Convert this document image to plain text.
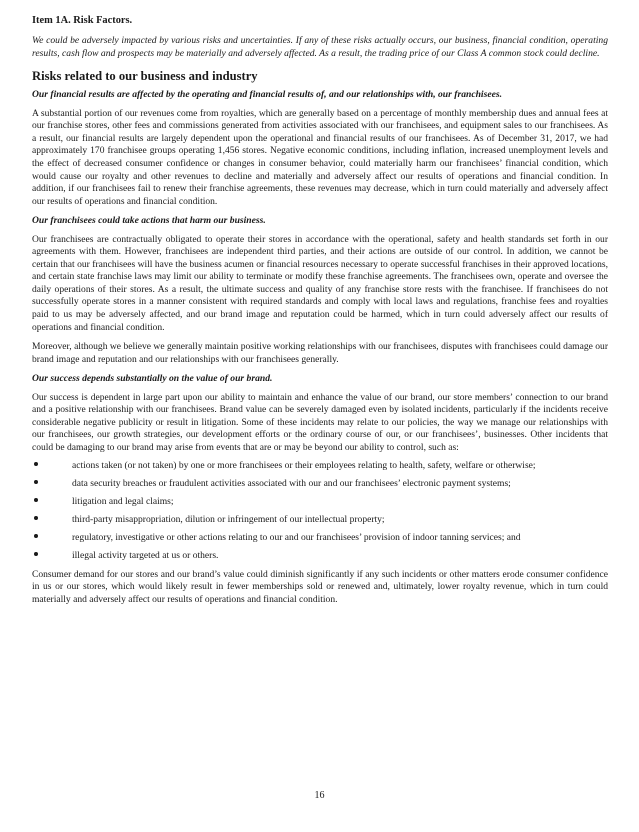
Item 1A. Risk Factors.

We could be adversely impacted by various risks and uncertainties. If any of these risks actually occurs, our business, financial condition, operating results, cash flow and prospects may be materially and adversely affected. As a result, the trading price of our Class A common stock could decline.

Risks related to our business and industry
Our financial results are affected by the operating and financial results of, and our relationships with, our franchisees.

A substantial portion of our revenues come from royalties, which are generally based on a percentage of monthly membership dues and annual fees at our franchise stores, other fees and commissions generated from activities associated with our franchisees, and equipment sales to our franchisees. As a result, our financial results are largely dependent upon the operational and financial results of our franchisees. As of December 31, 2017, we had approximately 170 franchisee groups operating 1,456 stores. Negative economic conditions, including inflation, increased unemployment levels and the effect of decreased consumer confidence or changes in consumer behavior, could materially harm our franchisees’ financial condition, which would cause our royalty and other revenues to decline and materially and adversely affect our results of operations and financial condition. In addition, if our franchisees fail to renew their franchise agreements, these revenues may decrease, which in turn could materially and adversely affect our results of operations and financial condition.

Our franchisees could take actions that harm our business.

Our franchisees are contractually obligated to operate their stores in accordance with the operational, safety and health standards set forth in our agreements with them. However, franchisees are independent third parties, and their actions are outside of our control. In addition, we cannot be certain that our franchisees will have the business acumen or financial resources necessary to operate successful franchises in their approved locations, and certain state franchise laws may limit our ability to terminate or modify these franchise agreements. The franchisees own, operate and oversee the daily operations of their stores. As a result, the ultimate success and quality of any franchise store rests with the franchisee. If franchisees do not successfully operate stores in a manner consistent with required standards and comply with local laws and regulations, franchise fees and royalties paid to us may be adversely affected, and our brand image and reputation could be harmed, which in turn could adversely affect our results of operations and financial condition.

Moreover, although we believe we generally maintain positive working relationships with our franchisees, disputes with franchisees could damage our brand image and reputation and our relationships with our franchisees generally.

Our success depends substantially on the value of our brand.

Our success is dependent in large part upon our ability to maintain and enhance the value of our brand, our store members’ connection to our brand and a positive relationship with our franchisees. Brand value can be severely damaged even by isolated incidents, particularly if the incidents receive considerable negative publicity or result in litigation. Some of these incidents may relate to our policies, the way we manage our relationships with our franchisees, our growth strategies, our development efforts or the ordinary course of our, or our franchisees’, businesses. Other incidents that could be damaging to our brand may arise from events that are or may be beyond our ability to control, such as:

actions taken (or not taken) by one or more franchisees or their employees relating to health, safety, welfare or otherwise;
data security breaches or fraudulent activities associated with our and our franchisees’ electronic payment systems;
litigation and legal claims;
third-party misappropriation, dilution or infringement of our intellectual property;
regulatory, investigative or other actions relating to our and our franchisees’ provision of indoor tanning services; and
illegal activity targeted at us or others.

Consumer demand for our stores and our brand’s value could diminish significantly if any such incidents or other matters erode consumer confidence in us or our stores, which would likely result in fewer memberships sold or renewed and, ultimately, lower royalty revenue, which in turn could materially and adversely affect our results of operations and financial condition.

16
